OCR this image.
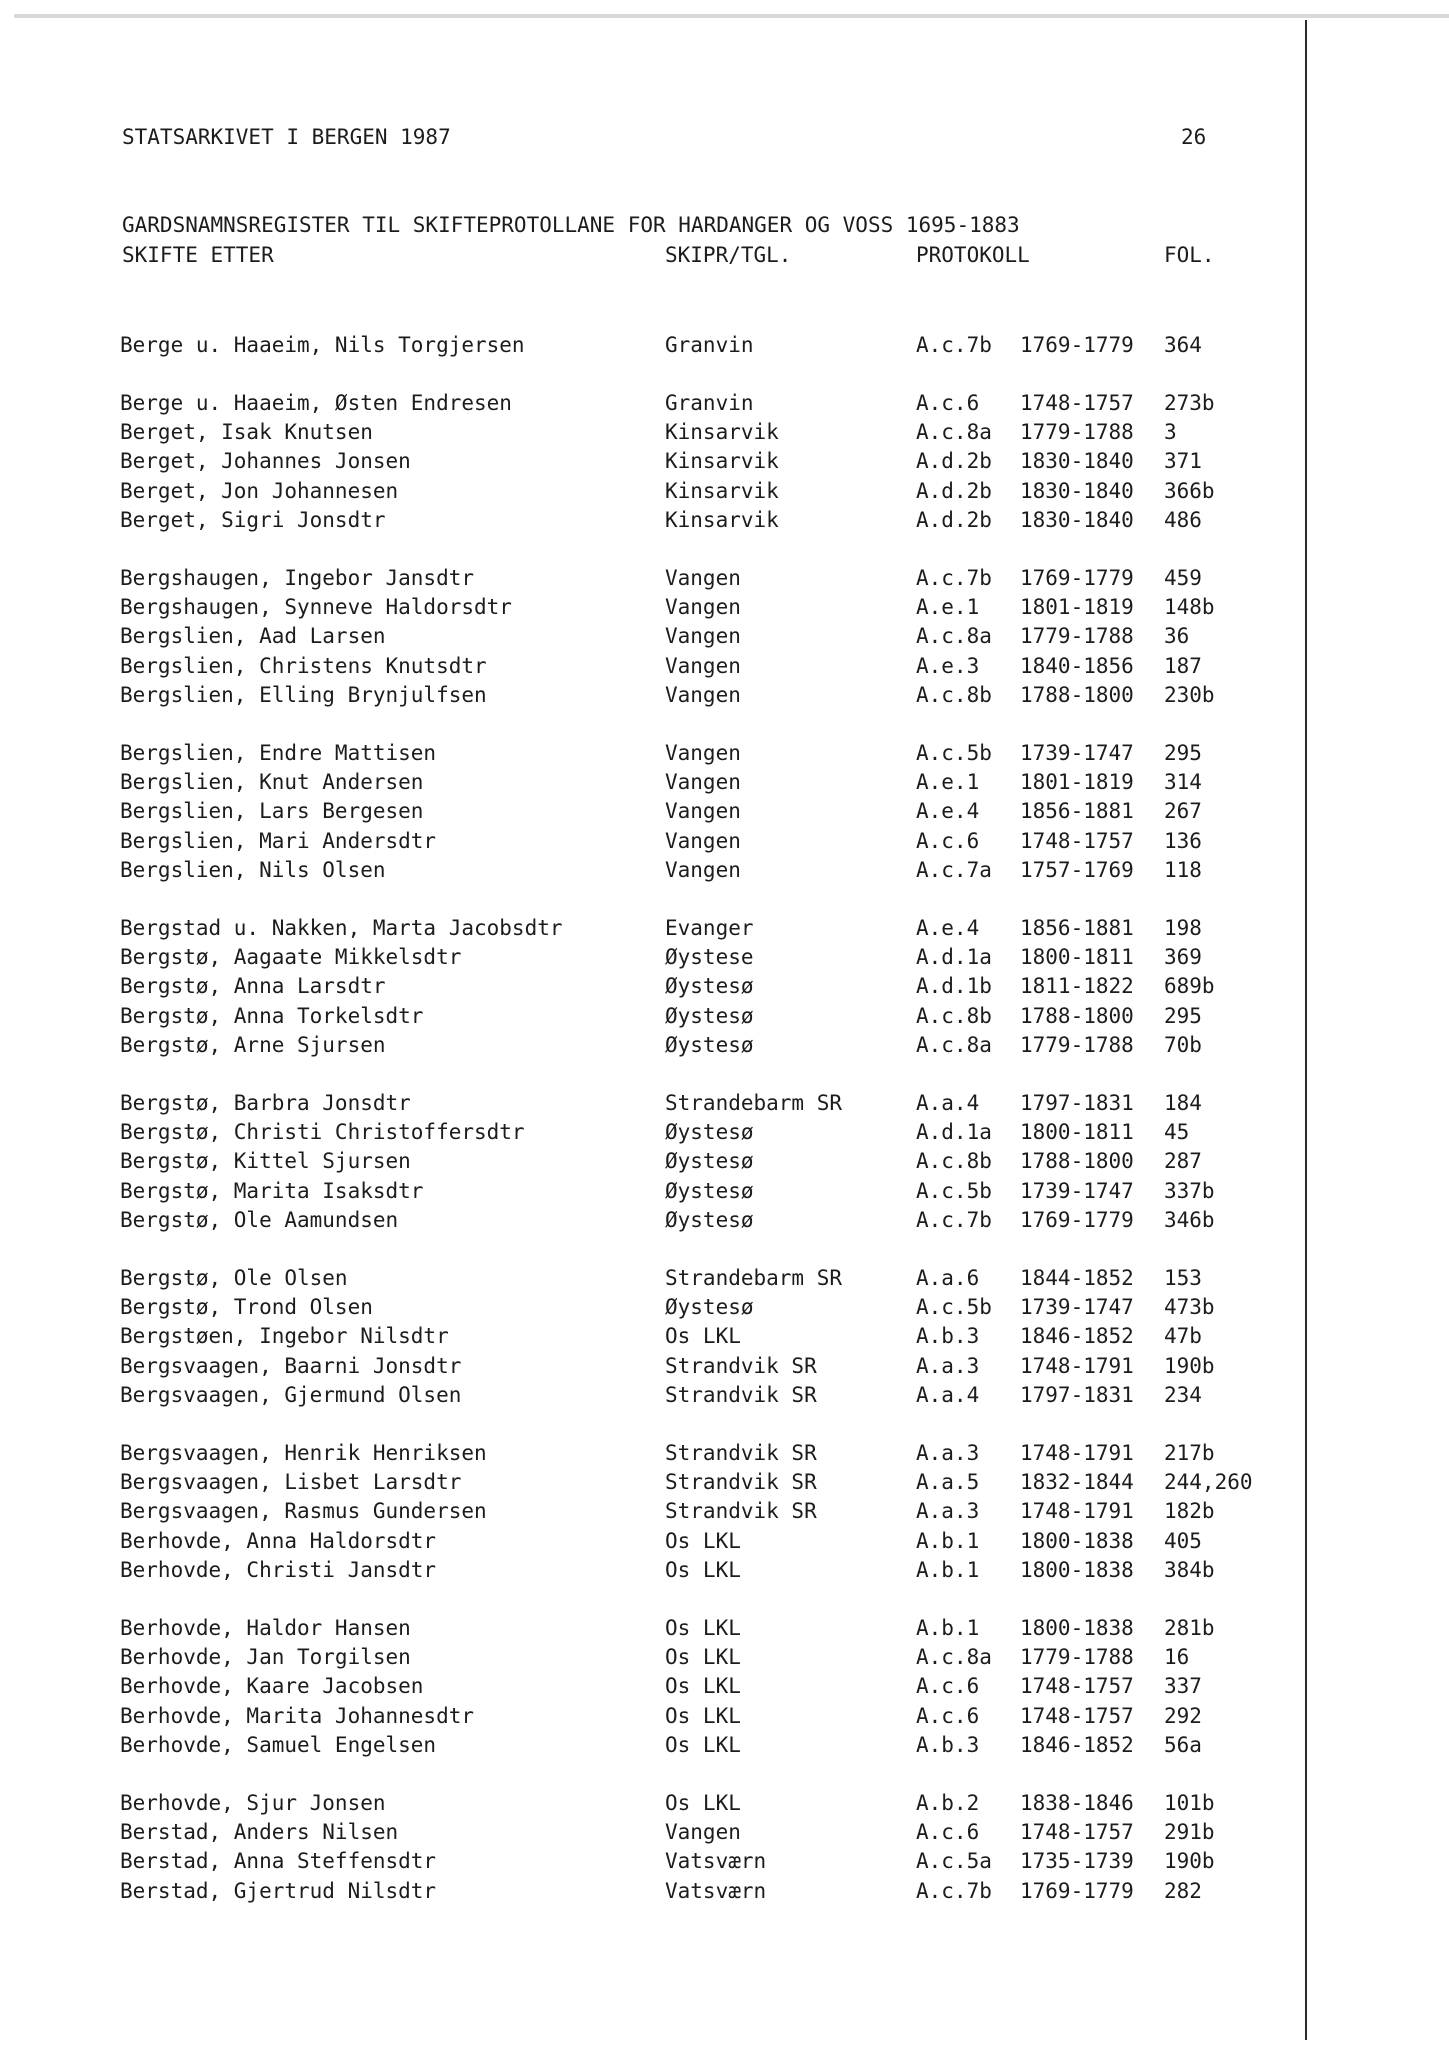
STATSARKIVET I BERGEN 1987	26
GARDSNAMNSREGISTER TIL SKIFTEPROTOLLANE FOR HARDANGER OG VOSS 1695-1883
SKIFTE ETTER	SKIPR/TGL.	PROTOKOLL	FOL.
Berge u. Haaeim, Nils Torgjersen	Granvin	A.c.7b 1769-1779 364
Berge u. Haaeim, Østen Endresen	Granvin	A.c.6 1748-1757 273b
Berget, Isak Knutsen	Kinsarvik	A.c.8a 1779-1788 3
Berget, Johannes Jonsen	Kinsarvik	A.d.2b 1830-1840 371
Berget, Jon Johannesen	Kinsarvik	A.d.2b 1830-1840 366b
Berget, Sigri Jonsdtr	Kinsarvik	A.d.2b 1830-1840 486
Bergshaugen, Ingebor Jansdtr	Vangen	A.c.7b 1769-1779 459
Bergshaugen, Synneve Haldorsdtr	Vangen	A.e.1 1801-1819 148b
Bergslien, Aad Larsen	Vangen	A.c.8a 1779-1788 36
Bergslien, Christens Knutsdtr	Vangen	A.e.3 1840-1856 187
Bergslien, Elling Brynjulfsen	Vangen	A.c.8b 1788-1800 230b
Bergslien, Endre Mattisen	Vangen	A.c.5b 1739-1747 295
Bergslien, Knut Andersen	Vangen	A.e.1 1801-1819 314
Bergslien, Lars Bergesen	Vangen	A.e.4 1856-1881 267
Bergslien, Mari Andersdtr	Vangen	A.c.6 1748-1757 136
Bergslien, Nils Olsen	Vangen	A.c.7a 1757-1769 118
Bergstad u. Nakken, Marta Jacobsdtr	Evanger	A.e.4 1856-1881 198
Bergstø, Aagaate Mikkelsdtr	Øystese	A.d.1a 1800-1811 369
Bergstø, Anna Larsdtr	Øystesø	A.d.1b 1811-1822 689b
Bergstø, Anna Torkelsdtr	Øystesø	A.c.8b 1788-1800 295
Bergstø, Arne Sjursen	Øystesø	A.c.8a 1779-1788 70b
Bergstø, Barbra Jonsdtr	Strandebarm SR	A.a.4 1797-1831 184
Bergstø, Christi Christoffersdtr	Øystesø	A.d.1a 1800-1811 45
Bergstø, Kittel Sjursen	Øystesø	A.c.8b 1788-1800 287
Bergstø, Marita Isaksdtr	Øystesø	A.c.5b 1739-1747 337b
Bergstø, Ole Aamundsen	Øystesø	A.c.7b 1769-1779 346b
Bergstø, Ole Olsen	Strandebarm SR	A.a.6 1844-1852 153
Bergstø, Trond Olsen	Øystesø	A.c.5b 1739-1747 473b
Bergstøen, Ingebor Nilsdtr	Os LKL	A.b.3 1846-1852 47b
Bergsvaagen, Baarni Jonsdtr	Strandvik SR	A.a.3 1748-1791 190b
Bergsvaagen, Gjermund Olsen	Strandvik SR	A.a.4 1797-1831 234
Bergsvaagen, Henrik Henriksen	Strandvik SR	A.a.3 1748-1791 217b
Bergsvaagen, Lisbet Larsdtr	Strandvik SR	A.a.5 1832-1844 244,260
Bergsvaagen, Rasmus Gundersen	Strandvik SR	A.a.3 1748-1791 182b
Berhovde, Anna Haldorsdtr	Os LKL	A.b.1 1800-1838 405
Berhovde, Christi Jansdtr	Os LKL	A.b.1 1800-1838 384b
Berhovde, Haldor Hansen	Os LKL	A.b.1 1800-1838 281b
Berhovde, Jan Torgilsen	Os LKL	A.c.8a 1779-1788 16
Berhovde, Kaare Jacobsen	Os LKL	A.c.6 1748-1757 337
Berhovde, Marita Johannesdtr	Os LKL	A.c.6 1748-1757 292
Berhovde, Samuel Engelsen	Os LKL	A.b.3 1846-1852 56a
Berhovde, Sjur Jonsen	Os LKL	A.b.2 1838-1846 101b
Berstad, Anders Nilsen	Vangen	A.c.6 1748-1757 291b
Berstad, Anna Steffensdtr	Vatsværn	A.c.5a 1735-1739 190b
Berstad, Gjertrud Nilsdtr	Vatsværn	A.c.7b 1769-1779 282
